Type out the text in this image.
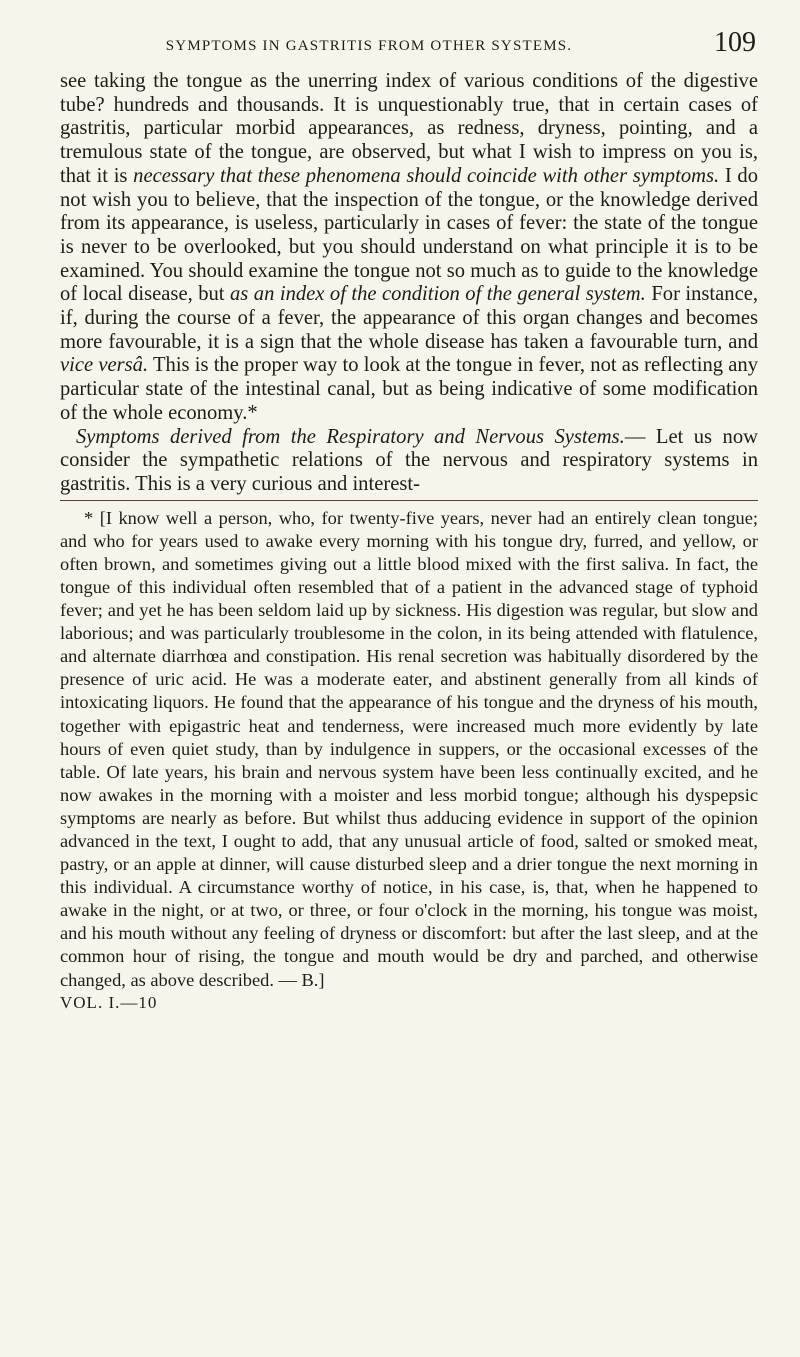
SYMPTOMS IN GASTRITIS FROM OTHER SYSTEMS.	109

see taking the tongue as the unerring index of various conditions of the digestive tube? hundreds and thousands. It is unquestionably true, that in certain cases of gastritis, particular morbid appearances, as redness, dryness, pointing, and a tremulous state of the tongue, are observed, but what I wish to impress on you is, that it is necessary that these phenomena should coincide with other symptoms. I do not wish you to believe, that the inspection of the tongue, or the knowledge derived from its appearance, is useless, particularly in cases of fever: the state of the tongue is never to be overlooked, but you should understand on what principle it is to be examined. You should examine the tongue not so much as to guide to the knowledge of local disease, but as an index of the condition of the general system. For instance, if, during the course of a fever, the appearance of this organ changes and becomes more favourable, it is a sign that the whole disease has taken a favourable turn, and vice versâ. This is the proper way to look at the tongue in fever, not as reflecting any particular state of the intestinal canal, but as being indicative of some modification of the whole economy.*

Symptoms derived from the Respiratory and Nervous Systems.— Let us now consider the sympathetic relations of the nervous and respiratory systems in gastritis. This is a very curious and interest-

* [I know well a person, who, for twenty-five years, never had an entirely clean tongue; and who for years used to awake every morning with his tongue dry, furred, and yellow, or often brown, and sometimes giving out a little blood mixed with the first saliva. In fact, the tongue of this individual often resembled that of a patient in the advanced stage of typhoid fever; and yet he has been seldom laid up by sickness. His digestion was regular, but slow and laborious; and was particularly troublesome in the colon, in its being attended with flatulence, and alternate diarrhœa and constipation. His renal secretion was habitually disordered by the presence of uric acid. He was a moderate eater, and abstinent generally from all kinds of intoxicating liquors. He found that the appearance of his tongue and the dryness of his mouth, together with epigastric heat and tenderness, were increased much more evidently by late hours of even quiet study, than by indulgence in suppers, or the occasional excesses of the table. Of late years, his brain and nervous system have been less continually excited, and he now awakes in the morning with a moister and less morbid tongue; although his dyspepsic symptoms are nearly as before. But whilst thus adducing evidence in support of the opinion advanced in the text, I ought to add, that any unusual article of food, salted or smoked meat, pastry, or an apple at dinner, will cause disturbed sleep and a drier tongue the next morning in this individual. A circumstance worthy of notice, in his case, is, that, when he happened to awake in the night, or at two, or three, or four o'clock in the morning, his tongue was moist, and his mouth without any feeling of dryness or discomfort: but after the last sleep, and at the common hour of rising, the tongue and mouth would be dry and parched, and otherwise changed, as above described. — B.]

VOL. I.—10
